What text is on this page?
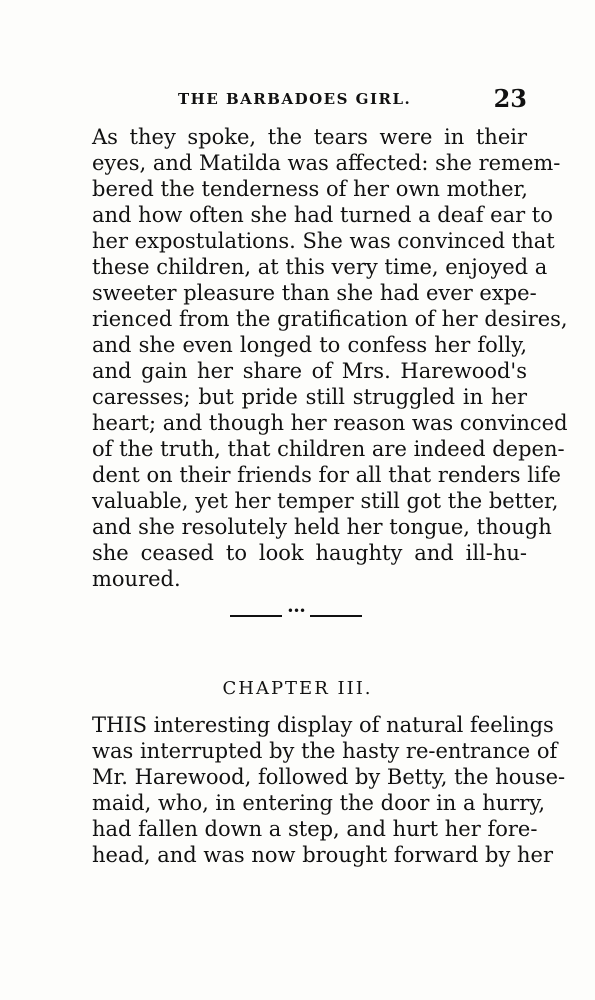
THE BARBADOES GIRL.	23
As they spoke, the tears were in their
eyes, and Matilda was affected: she remem-
bered the tenderness of her own mother,
and how often she had turned a deaf ear to
her expostulations. She was convinced that
these children, at this very time, enjoyed a
sweeter pleasure than she had ever expe-
rienced from the gratification of her desires,
and she even longed to confess her folly,
and gain her share of Mrs. Harewood's
caresses; but pride still struggled in her
heart; and though her reason was convinced
of the truth, that children are indeed depen-
dent on their friends for all that renders life
valuable, yet her temper still got the better,
and she resolutely held her tongue, though
she ceased to look haughty and ill-hu-
moured.
•••
CHAPTER III.
THIS interesting display of natural feelings
was interrupted by the hasty re-entrance of
Mr. Harewood, followed by Betty, the house-
maid, who, in entering the door in a hurry,
had fallen down a step, and hurt her fore-
head, and was now brought forward by her
